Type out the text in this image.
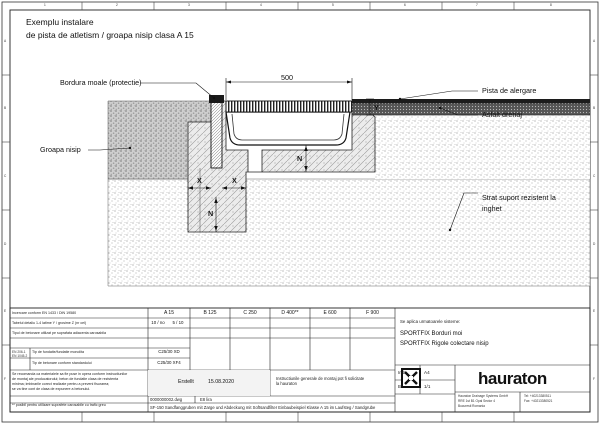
1	2	3	4	5	6	7	8
A
B
C
D
E
F
A
B
C
D
E
F
Exemplu instalare
de pista de atletism / groapa nisip clasa A 15
Bordura moale (protectie)
Pista de alergare
Asfalt drenaj
Groapa nisip
Strat suport rezistent la
inghet
500
X	X
N
N
Y
Incercare conform EN 1433 / DIN 19580
Tabelul detaliu 1-4 latime Y / grosime Z (nr cel)
Tipul de betonare utilizat pe suprafata adiacenta carosabila
EN 206-1
EN 1045-2
Tip de fundatie/fundatie monolita
Tip de betonare conform standardului
Se recomanda ca materialele sa fie puse in opera conform instructiunilor
de montaj ale producatorului; beton de fundatie clasa de rezistenta
minima; imbinarile corect realizate pentru a preveni fisurarea;
se va tine cont de clasa de expunere a betonului.
** posibil pentru utilizare suprafete carosabile cu trafic greu
A 15	B 125	C 250	D 400**	E 600	F 900
10 / no	5 / 10
C25/30 XD
C25/30 XF4
Erstellt	15.08.2020
Instructiunile generale de montaj pot fi solicitate la hauraton
0000000002.dwg	E8 lira
SF-150 Sandfanggruben mit Zarge und Abdeckung mit Softsandfilter Einbaubeispiel Klasse A 15 im Laufsteg / Sandgrube
Se aplica urmatoarele sisteme:
SPORTFIX Borduri moi
SPORTFIX Rigole colectare nisip
Imb	A4
Bl	1/1	hauraton
Hauraton Drainage Systems GmbH
RRE 1st B1 Opal Sector 4
Bucuresti Romania
Tel: +40213380511
Fax: +40213380521
